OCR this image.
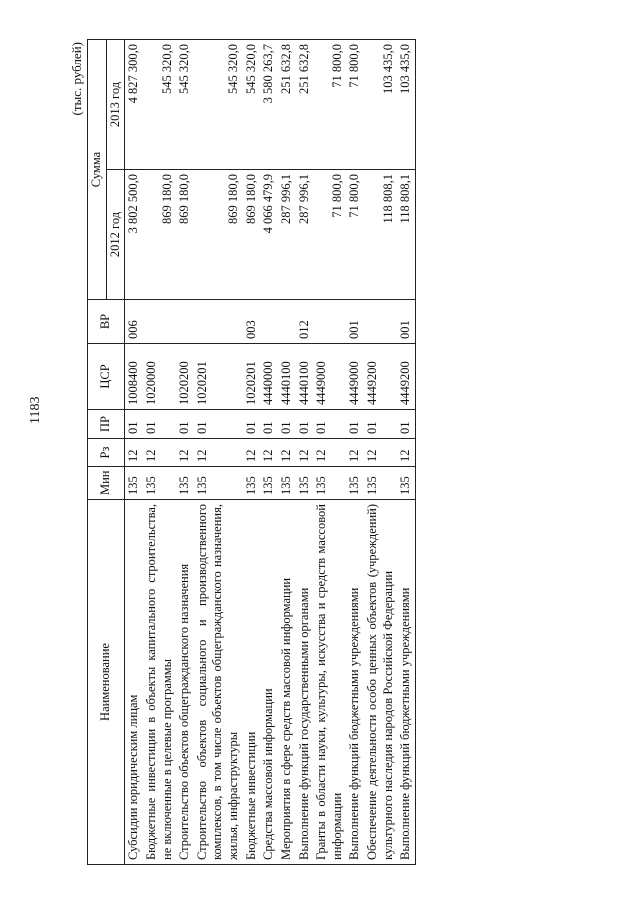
1183
(тыс. рублей)
Наименование	Мин	Рз	ПР	ЦСР	ВР	Сумма	
						2012 год	2013 год
Субсидии юридическим лицам	135	12	01	1008400	006	3 802 500,0	4 827 300,0
Бюджетные инвестиции в объекты капитального строительства, не включенные в целевые программы	135	12	01	1020000		869 180,0	545 320,0
Строительство объектов общегражданского назначения	135	12	01	1020200		869 180,0	545 320,0
Строительство объектов социального и производственного комплексов, в том числе объектов общегражданского назначения, жилья, инфраструктуры	135	12	01	1020201		869 180,0	545 320,0
Бюджетные инвестиции	135	12	01	1020201	003	869 180,0	545 320,0
Средства массовой информации	135	12	01	4440000		4 066 479,9	3 580 263,7
Мероприятия в сфере средств массовой информации	135	12	01	4440100		287 996,1	251 632,8
Выполнение функций государственными органами	135	12	01	4440100	012	287 996,1	251 632,8
Гранты в области науки, культуры, искусства и средств массовой информации	135	12	01	4449000		71 800,0	71 800,0
Выполнение функций бюджетными учреждениями	135	12	01	4449000	001	71 800,0	71 800,0
Обеспечение деятельности особо ценных объектов (учреждений) культурного наследия народов Российской Федерации	135	12	01	4449200		118 808,1	103 435,0
Выполнение функций бюджетными учреждениями	135	12	01	4449200	001	118 808,1	103 435,0
